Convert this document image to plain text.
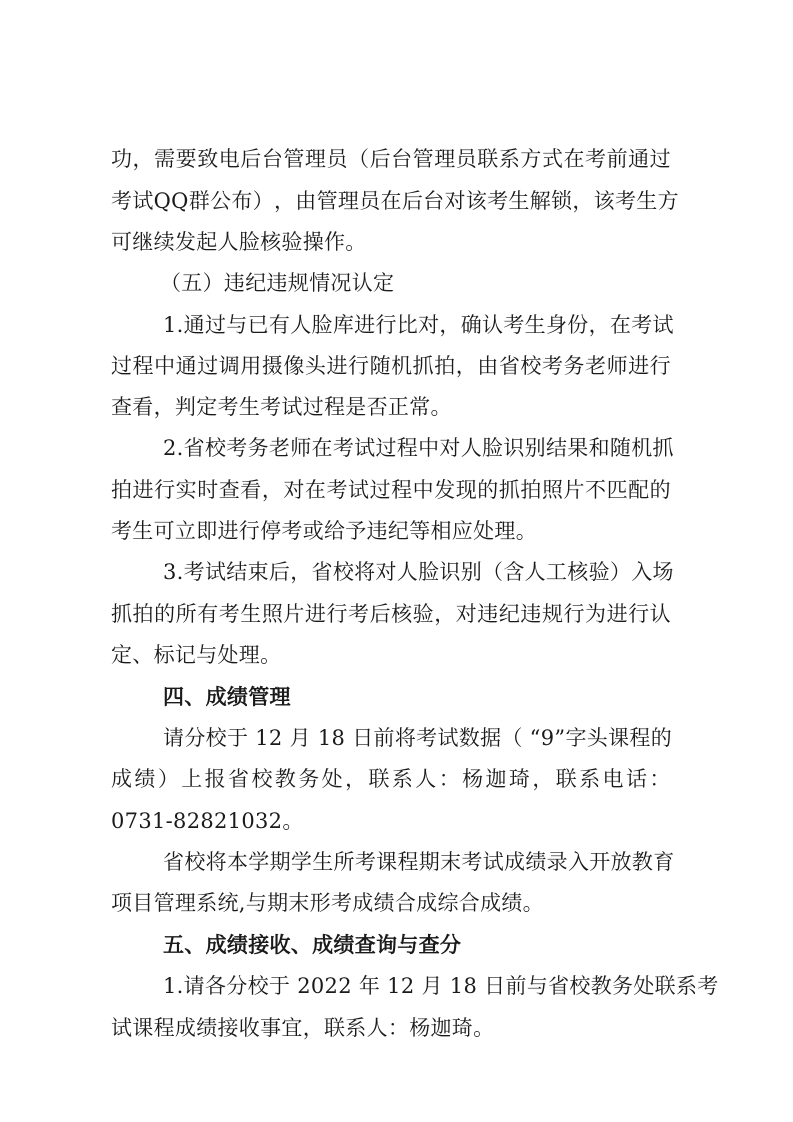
功 ， 需 要 致 电 后 台 管 理 员 （ 后 台 管 理 员 联 系 方 式 在 考 前 通 过
考 试 Q Q 群 公 布 ） ， 由 管 理 员 在 后 台 对 该 考 生 解 锁 ， 该 考 生 方
可继续发起人脸核验操作。
（五）违纪违规情况认定
1 . 通 过 与 已 有 人 脸 库 进 行 比 对 ， 确 认 考 生 身 份 ， 在 考 试
过 程 中 通 过 调 用 摄 像 头 进 行 随 机 抓 拍 ， 由 省 校 考 务 老 师 进 行
查看，判定考生考试过程是否正常。
2 . 省 校 考 务 老 师 在 考 试 过 程 中 对 人 脸 识 别 结 果 和 随 机 抓
拍 进 行 实 时 查 看 ， 对 在 考 试 过 程 中 发 现 的 抓 拍 照 片 不 匹 配 的
考生可立即进行停考或给予违纪等相应处理。
3 . 考 试 结 束 后 ， 省 校 将 对 人 脸 识 别 （ 含 人 工 核 验 ） 入 场
抓 拍 的 所 有 考 生 照 片 进 行 考 后 核 验 ， 对 违 纪 违 规 行 为 进 行 认
定、标记与处理。
四、成绩管理
请 分 校 于
1 2
月
1 8
日 前 将 考 试 数 据 （
“ 9 ” 字 头 课 程 的
成 绩 ） 上 报 省 校 教 务 处 ， 联 系 人 ： 杨 迦 琦 ， 联 系 电 话 ：
0731-82821032。
省 校 将 本 学 期 学 生 所 考 课 程 期 末 考 试 成 绩 录 入 开 放 教 育
项目管理系统,与期末形考成绩合成综合成绩。
五、成绩接收、成绩查询与查分
1 . 请 各 分 校 于
2 0 2 2
年
1 2
月
1 8
日 前 与 省 校 教 务 处 联 系 考
试课程成绩接收事宜，联系人：杨迦琦。
